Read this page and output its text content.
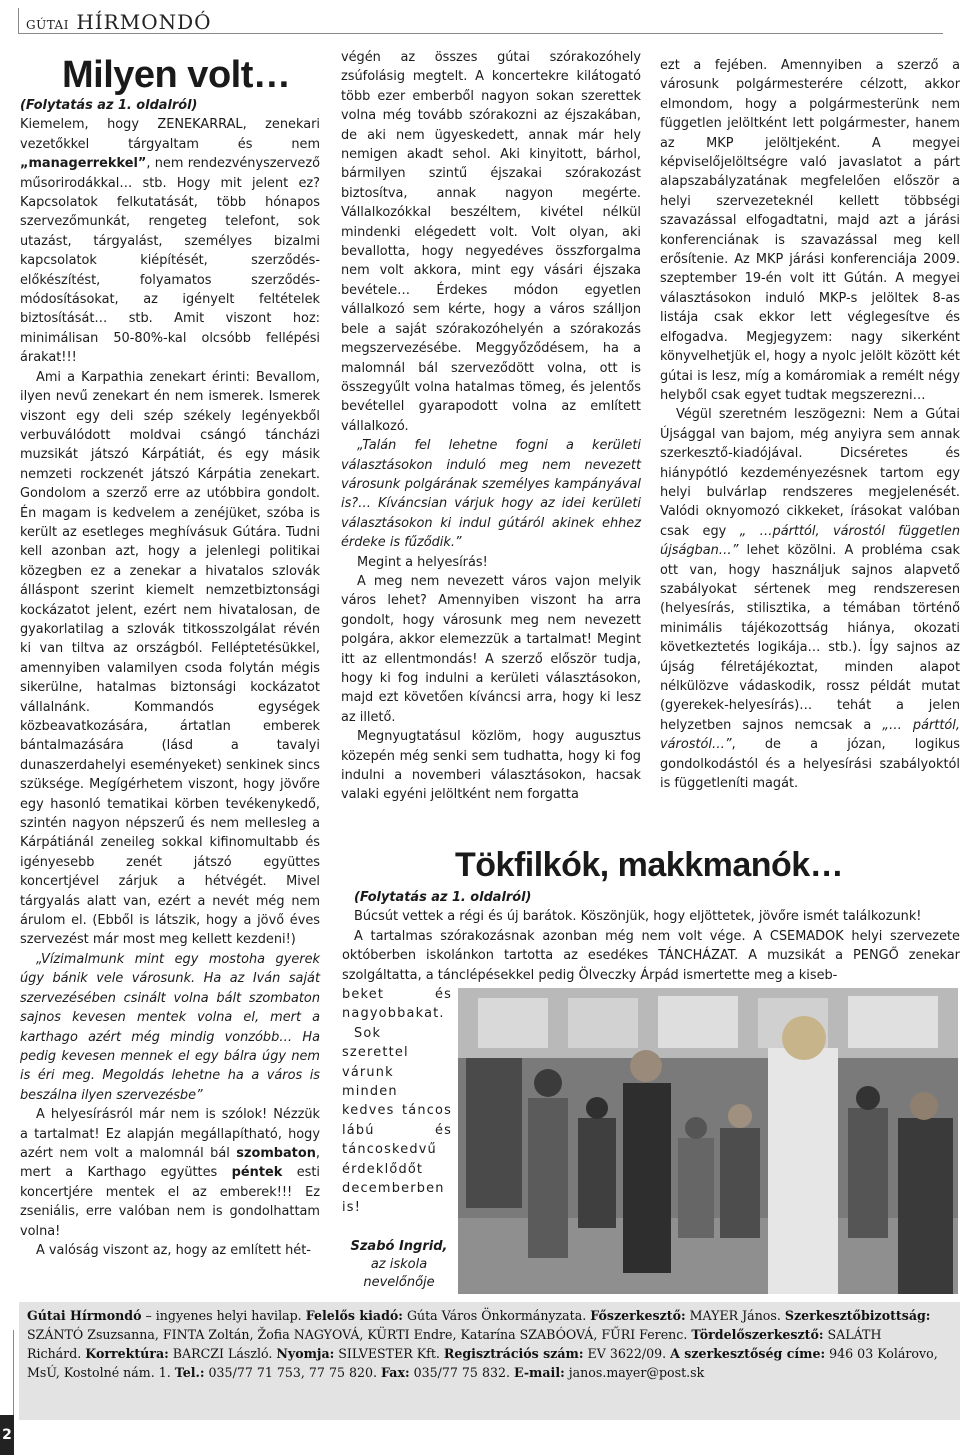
GÚTAI HÍRMONDÓ
Milyen volt…

(Folytatás az 1. oldalról)

Kiemelem, hogy ZENEKARRAL, zenekari vezetőkkel tárgyaltam és nem „managerrekkel”, nem rendezvényszervező műsorirodákkal… stb. Hogy mit jelent ez? Kapcsolatok felkutatását, több hónapos szervezőmunkát, rengeteg telefont, sok utazást, tárgyalást, személyes bizalmi kapcsolatok kiépítését, szerződés-előkészítést, folyamatos szerződés-módosításokat, az igényelt feltételek biztosítását… stb. Amit viszont hoz: minimálisan 50-80%-kal olcsóbb fellépési árakat!!!

Ami a Karpathia zenekart érinti: Bevallom, ilyen nevű zenekart én nem ismerek. Ismerek viszont egy deli szép székely legényekből verbuválódott moldvai csángó táncházi muzsikát játszó Kárpátiát, és egy másik nemzeti rockzenét játszó Kárpátia zenekart. Gondolom a szerző erre az utóbbira gondolt. Én magam is kedvelem a zenéjüket, szóba is került az esetleges meghívásuk Gútára. Tudni kell azonban azt, hogy a jelenlegi politikai közegben ez a zenekar a hivatalos szlovák álláspont szerint kiemelt nemzetbiztonsági kockázatot jelent, ezért nem hivatalosan, de gyakorlatilag a szlovák titkosszolgálat révén ki van tiltva az országból. Felléptetésükkel, amennyiben valamilyen csoda folytán mégis sikerülne, hatalmas biztonsági kockázatot vállalnánk. Kommandós egységek közbeavatkozására, ártatlan emberek bántalmazására (lásd a tavalyi dunaszerdahelyi eseményeket) senkinek sincs szüksége. Megígérhetem viszont, hogy jövőre egy hasonló tematikai körben tevékenykedő, szintén nagyon népszerű és nem mellesleg a Kárpátiánál zeneileg sokkal kifinomultabb és igényesebb zenét játszó együttes koncertjével zárjuk a hétvégét. Mivel tárgyalás alatt van, ezért a nevét még nem árulom el. (Ebből is látszik, hogy a jövő éves szervezést már most meg kellett kezdeni!)

„Vízimalmunk mint egy mostoha gyerek úgy bánik vele városunk. Ha az Iván saját szervezésében csinált volna bált szombaton sajnos kevesen mentek volna el, mert a karthago azért még mindig vonzóbb… Ha pedig kevesen mennek el egy bálra úgy nem is éri meg. Megoldás lehetne ha a város is beszálna ilyen szervezésbe”

A helyesírásról már nem is szólok! Nézzük a tartalmat! Ez alapján megállapítható, hogy azért nem volt a malomnál bál szombaton, mert a Karthago együttes péntek esti koncertjére mentek el az emberek!!! Ez zseniális, erre valóban nem is gondolhattam volna!

A valóság viszont az, hogy az említett hét-

végén az összes gútai szórakozóhely zsúfolásig megtelt. A koncertekre kilátogató több ezer emberből nagyon sokan szerettek volna még tovább szórakozni az éjszakában, de aki nem ügyeskedett, annak már hely nemigen akadt sehol. Aki kinyitott, bárhol, bármilyen szintű éjszakai szórakozást biztosítva, annak nagyon megérte. Vállalkozókkal beszéltem, kivétel nélkül mindenki elégedett volt. Volt olyan, aki bevallotta, hogy negyedéves összforgalma nem volt akkora, mint egy vásári éjszaka bevétele… Érdekes módon egyetlen vállalkozó sem kérte, hogy a város szálljon bele a saját szórakozóhelyén a szórakozás megszervezésébe. Meggyőződésem, ha a malomnál bál szerveződött volna, ott is összegyűlt volna hatalmas tömeg, és jelentős bevétellel gyarapodott volna az említett vállalkozó.

„Talán fel lehetne fogni a kerületi választásokon induló meg nem nevezett városunk polgárának személyes kampányával is?… Kíváncsian várjuk hogy az idei kerületi választásokon ki indul gútáról akinek ehhez érdeke is fűződik.”

Megint a helyesírás!

A meg nem nevezett város vajon melyik város lehet? Amennyiben viszont ha arra gondolt, hogy városunk meg nem nevezett polgára, akkor elemezzük a tartalmat! Megint itt az ellentmondás! A szerző először tudja, hogy ki fog indulni a kerületi választásokon, majd ezt követően kíváncsi arra, hogy ki lesz az illető.

Megnyugtatásul közlöm, hogy augusztus közepén még senki sem tudhatta, hogy ki fog indulni a novemberi választásokon, hacsak valaki egyéni jelöltként nem forgatta

ezt a fejében. Amennyiben a szerző a városunk polgármesterére célzott, akkor elmondom, hogy a polgármesterünk nem független jelöltként lett polgármester, hanem az MKP jelöltjeként. A megyei képviselőjelöltségre való javaslatot a párt alapszabályzatának megfelelően először a helyi szervezeteknél kellett többségi szavazással elfogadtatni, majd azt a járási konferenciának is szavazással meg kell erősítenie. Az MKP járási konferenciája 2009. szeptember 19-én volt itt Gútán. A megyei választásokon induló MKP-s jelöltek 8-as listája csak ekkor lett véglegesítve és elfogadva. Megjegyzem: nagy sikerként könyvelhetjük el, hogy a nyolc jelölt között két gútai is lesz, míg a komáromiak a remélt négy helyből csak egyet tudtak megszerezni…

Végül szeretném leszögezni: Nem a Gútai Újsággal van bajom, még anyiyra sem annak szerkesztő-kiadójával. Dicséretes és hiánypótló kezdeményezésnek tartom egy helyi bulvárlap rendszeres megjelenését. Valódi oknyomozó cikkeket, írásokat valóban csak egy „ …párttól, várostól független újságban…” lehet közölni. A probléma csak ott van, hogy használjuk sajnos alapvető szabályokat sértenek meg rendszeresen (helyesírás, stilisztika, a témában történő minimális tájékozottság hiánya, okozati következtetés logikája… stb.). Így sajnos az újság félretájékoztat, minden alapot nélkülözve vádaskodik, rossz példát mutat (gyerekek-helyesírás)… tehát a jelen helyzetben sajnos nemcsak a „… párttól, várostól…”, de a józan, logikus gondolkodástól és a helyesírási szabályoktól is függetleníti magát.

Tökfilkók, makkmanók…

(Folytatás az 1. oldalról)

Búcsút vettek a régi és új barátok. Köszönjük, hogy eljöttetek, jövőre ismét találkozunk!

A tartalmas szórakozásnak azonban még nem volt vége. A CSEMADOK helyi szervezete októberben iskolánkon tartotta az esedékes TÁNCHÁZAT. A muzsikát a PENGŐ zenekar szolgáltatta, a tánclépésekkel pedig Ölveczky Árpád ismertette meg a kiseb-

beket és nagyobbakat.

Sok szerettel várunk minden kedves táncos lábú és táncoskedvű érdeklődőt decemberben is!

Szabó Ingrid,
az iskola
nevelőnője
Gútai Hírmondó – ingyenes helyi havilap. Felelős kiadó: Gúta Város Önkormányzata. Főszerkesztő: MAYER János. Szerkesztőbizottság:
SZÁNTÓ Zsuzsanna, FINTA Zoltán, Žofia NAGYOVÁ, KÜRTI Endre, Katarína SZABÓOVÁ, FŰRI Ferenc. Tördelőszerkesztő: SALÁTH
Richárd. Korrektúra: BARCZI László. Nyomja: SILVESTER Kft. Regisztrációs szám: EV 3622/09. A szerkesztőség címe: 946 03 Kolárovo,
MsÚ, Kostolné nám. 1. Tel.: 035/77 71 753, 77 75 820. Fax: 035/77 75 832. E-mail: janos.mayer@post.sk
2
